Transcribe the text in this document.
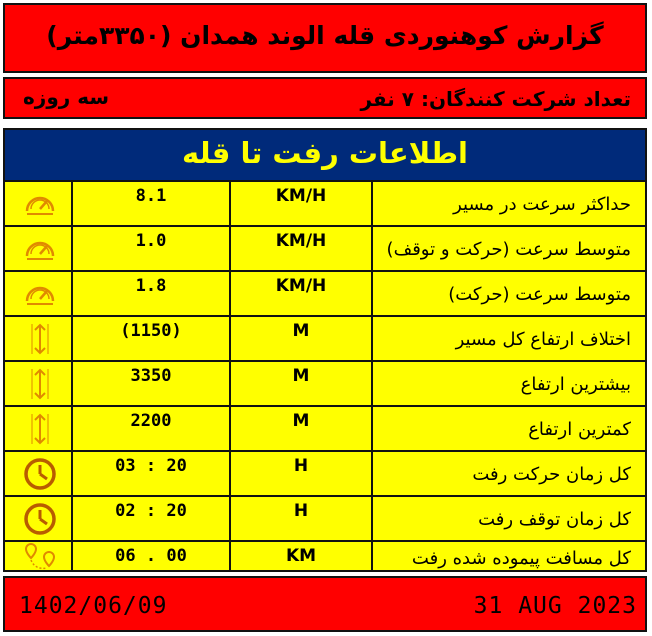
گزارش کوهنوردی قله الوند همدان (۳۳۵۰متر)
تعداد شرکت کنندگان: ۷ نفر
سه روزه
اطلاعات رفت تا قله
8.1	KM/H	حداکثر سرعت در مسیر
1.0	KM/H	متوسط سرعت (حرکت و توقف)
1.8	KM/H	متوسط سرعت (حرکت)
(1150)	M	اختلاف ارتفاع کل مسیر
3350	M	بیشترین ارتفاع
2200	M	کمترین ارتفاع
03 : 20	H	کل زمان حرکت رفت
02 : 20	H	کل زمان توقف رفت
06 . 00	KM	کل مسافت پیموده شده رفت
1402/06/09	31 AUG 2023
